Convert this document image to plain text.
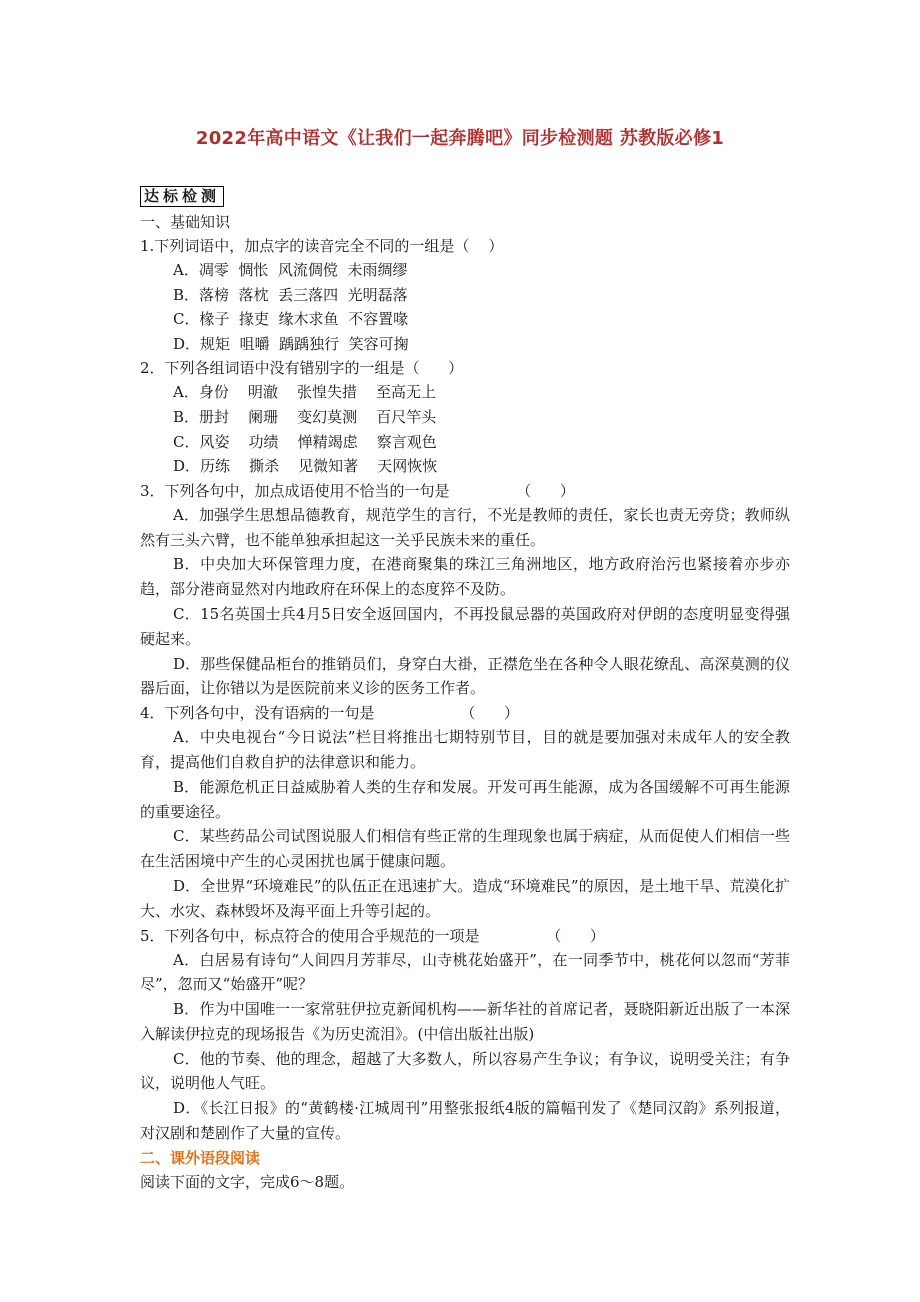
2022年高中语文《让我们一起奔腾吧》同步检测题 苏教版必修1
达标检测
一、基础知识
1.下列词语中，加点字的读音完全不同的一组是（    ）
A．凋零  惆怅  风流倜傥  未雨绸缪
B．落榜  落枕  丢三落四  光明磊落
C．椽子  掾吏  缘木求鱼  不容置喙
D．规矩  咀嚼  踽踽独行  笑容可掬
2．下列各组词语中没有错别字的一组是（      ）
A．身份    明澈    张惶失措    至高无上
B．册封    阑珊    变幻莫测    百尺竿头
C．风姿    功绩    惮精竭虑    察言观色
D．历练    撕杀    见微知著    天网恢恢
3．下列各句中，加点成语使用不恰当的一句是              （      ）
A．加强学生思想品德教育，规范学生的言行，不光是教师的责任，家长也责无旁贷；教师纵然有三头六臂，也不能单独承担起这一关乎民族未来的重任。
B．中央加大环保管理力度，在港商聚集的珠江三角洲地区，地方政府治污也紧接着亦步亦趋，部分港商显然对内地政府在环保上的态度猝不及防。
C．15名英国士兵4月5日安全返回国内，不再投鼠忌器的英国政府对伊朗的态度明显变得强硬起来。
D．那些保健品柜台的推销员们，身穿白大褂，正襟危坐在各种令人眼花缭乱、高深莫测的仪器后面，让你错以为是医院前来义诊的医务工作者。
4．下列各句中，没有语病的一句是                  （      ）
A．中央电视台“今日说法”栏目将推出七期特别节目，目的就是要加强对未成年人的安全教育，提高他们自救自护的法律意识和能力。
B．能源危机正日益威胁着人类的生存和发展。开发可再生能源，成为各国缓解不可再生能源的重要途径。
C．某些药品公司试图说服人们相信有些正常的生理现象也属于病症，从而促使人们相信一些在生活困境中产生的心灵困扰也属于健康问题。
D．全世界“环境难民”的队伍正在迅速扩大。造成“环境难民”的原因，是土地干旱、荒漠化扩大、水灾、森林毁坏及海平面上升等引起的。
5．下列各句中，标点符合的使用合乎规范的一项是              （      ）
A．白居易有诗句“人间四月芳菲尽，山寺桃花始盛开”，在一同季节中，桃花何以忽而“芳菲尽”，忽而又“始盛开”呢？
B．作为中国唯一一家常驻伊拉克新闻机构——新华社的首席记者，聂晓阳新近出版了一本深入解读伊拉克的现场报告《为历史流泪》。(中信出版社出版)
C．他的节奏、他的理念，超越了大多数人，所以容易产生争议；有争议，说明受关注；有争议，说明他人气旺。
D．《长江日报》的“黄鹤楼·江城周刊”用整张报纸4版的篇幅刊发了《楚同汉韵》系列报道，对汉剧和楚剧作了大量的宣传。
二、课外语段阅读
阅读下面的文字，完成6～8题。
